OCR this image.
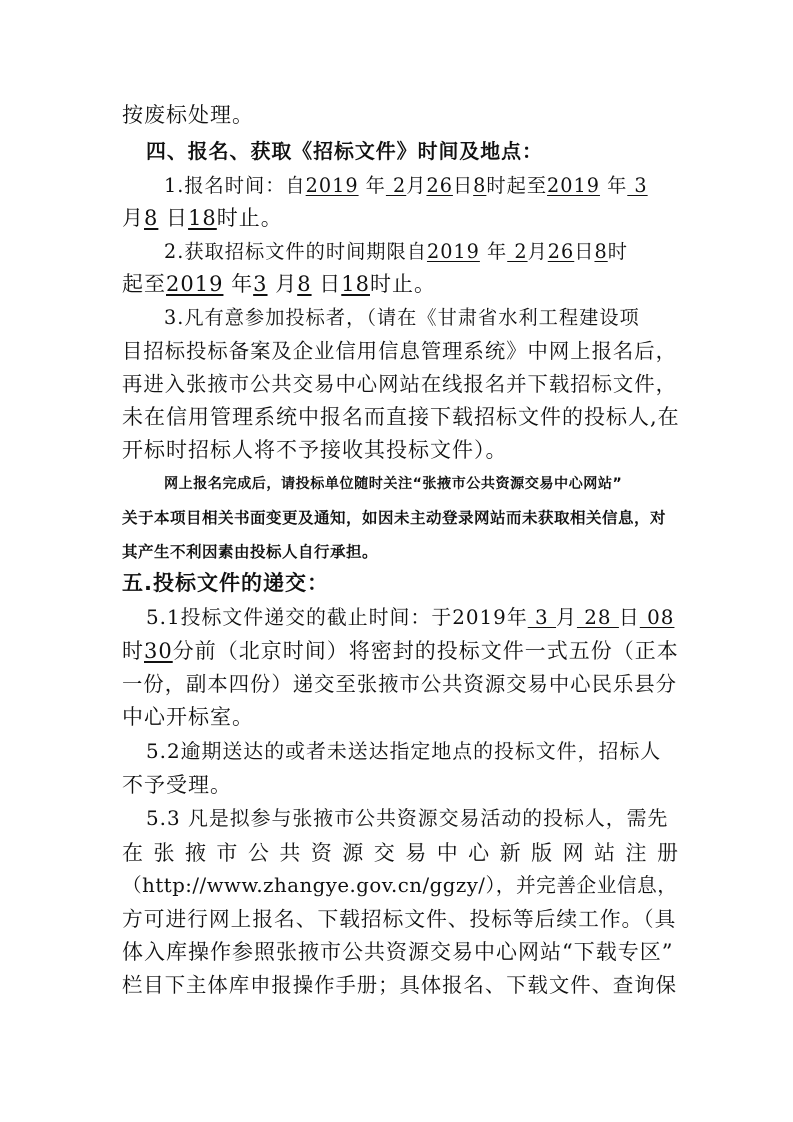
按废标处理。
四、报名、获取《招标文件》时间及地点：
1.报名时间：自2019 年 2月26日8时起至2019 年 3
月8 日18时止。
2.获取招标文件的时间期限自2019 年 2月26日8时
起至2019 年3 月8 日18时止。
3.凡有意参加投标者，（请在《甘肃省水利工程建设项
目招标投标备案及企业信用信息管理系统》中网上报名后，
再进入张掖市公共交易中心网站在线报名并下载招标文件，
未在信用管理系统中报名而直接下载招标文件的投标人,在
开标时招标人将不予接收其投标文件）。
网上报名完成后，请投标单位随时关注“张掖市公共资源交易中心网站”
关于本项目相关书面变更及通知，如因未主动登录网站而未获取相关信息，对
其产生不利因素由投标人自行承担。
五.投标文件的递交：
5.1投标文件递交的截止时间：于2019年 3 月 28 日 08
时30分前（北京时间）将密封的投标文件一式五份（正本
一份，副本四份）递交至张掖市公共资源交易中心民乐县分
中心开标室。
5.2逾期送达的或者未送达指定地点的投标文件，招标人
不予受理。
5.3 凡是拟参与张掖市公共资源交易活动的投标人，需先
在张掖市公共资源交易中心新版网站注册
（http://www.zhangye.gov.cn/ggzy/），并完善企业信息，
方可进行网上报名、下载招标文件、投标等后续工作。（具
体入库操作参照张掖市公共资源交易中心网站“下载专区”
栏目下主体库申报操作手册；具体报名、下载文件、查询保
